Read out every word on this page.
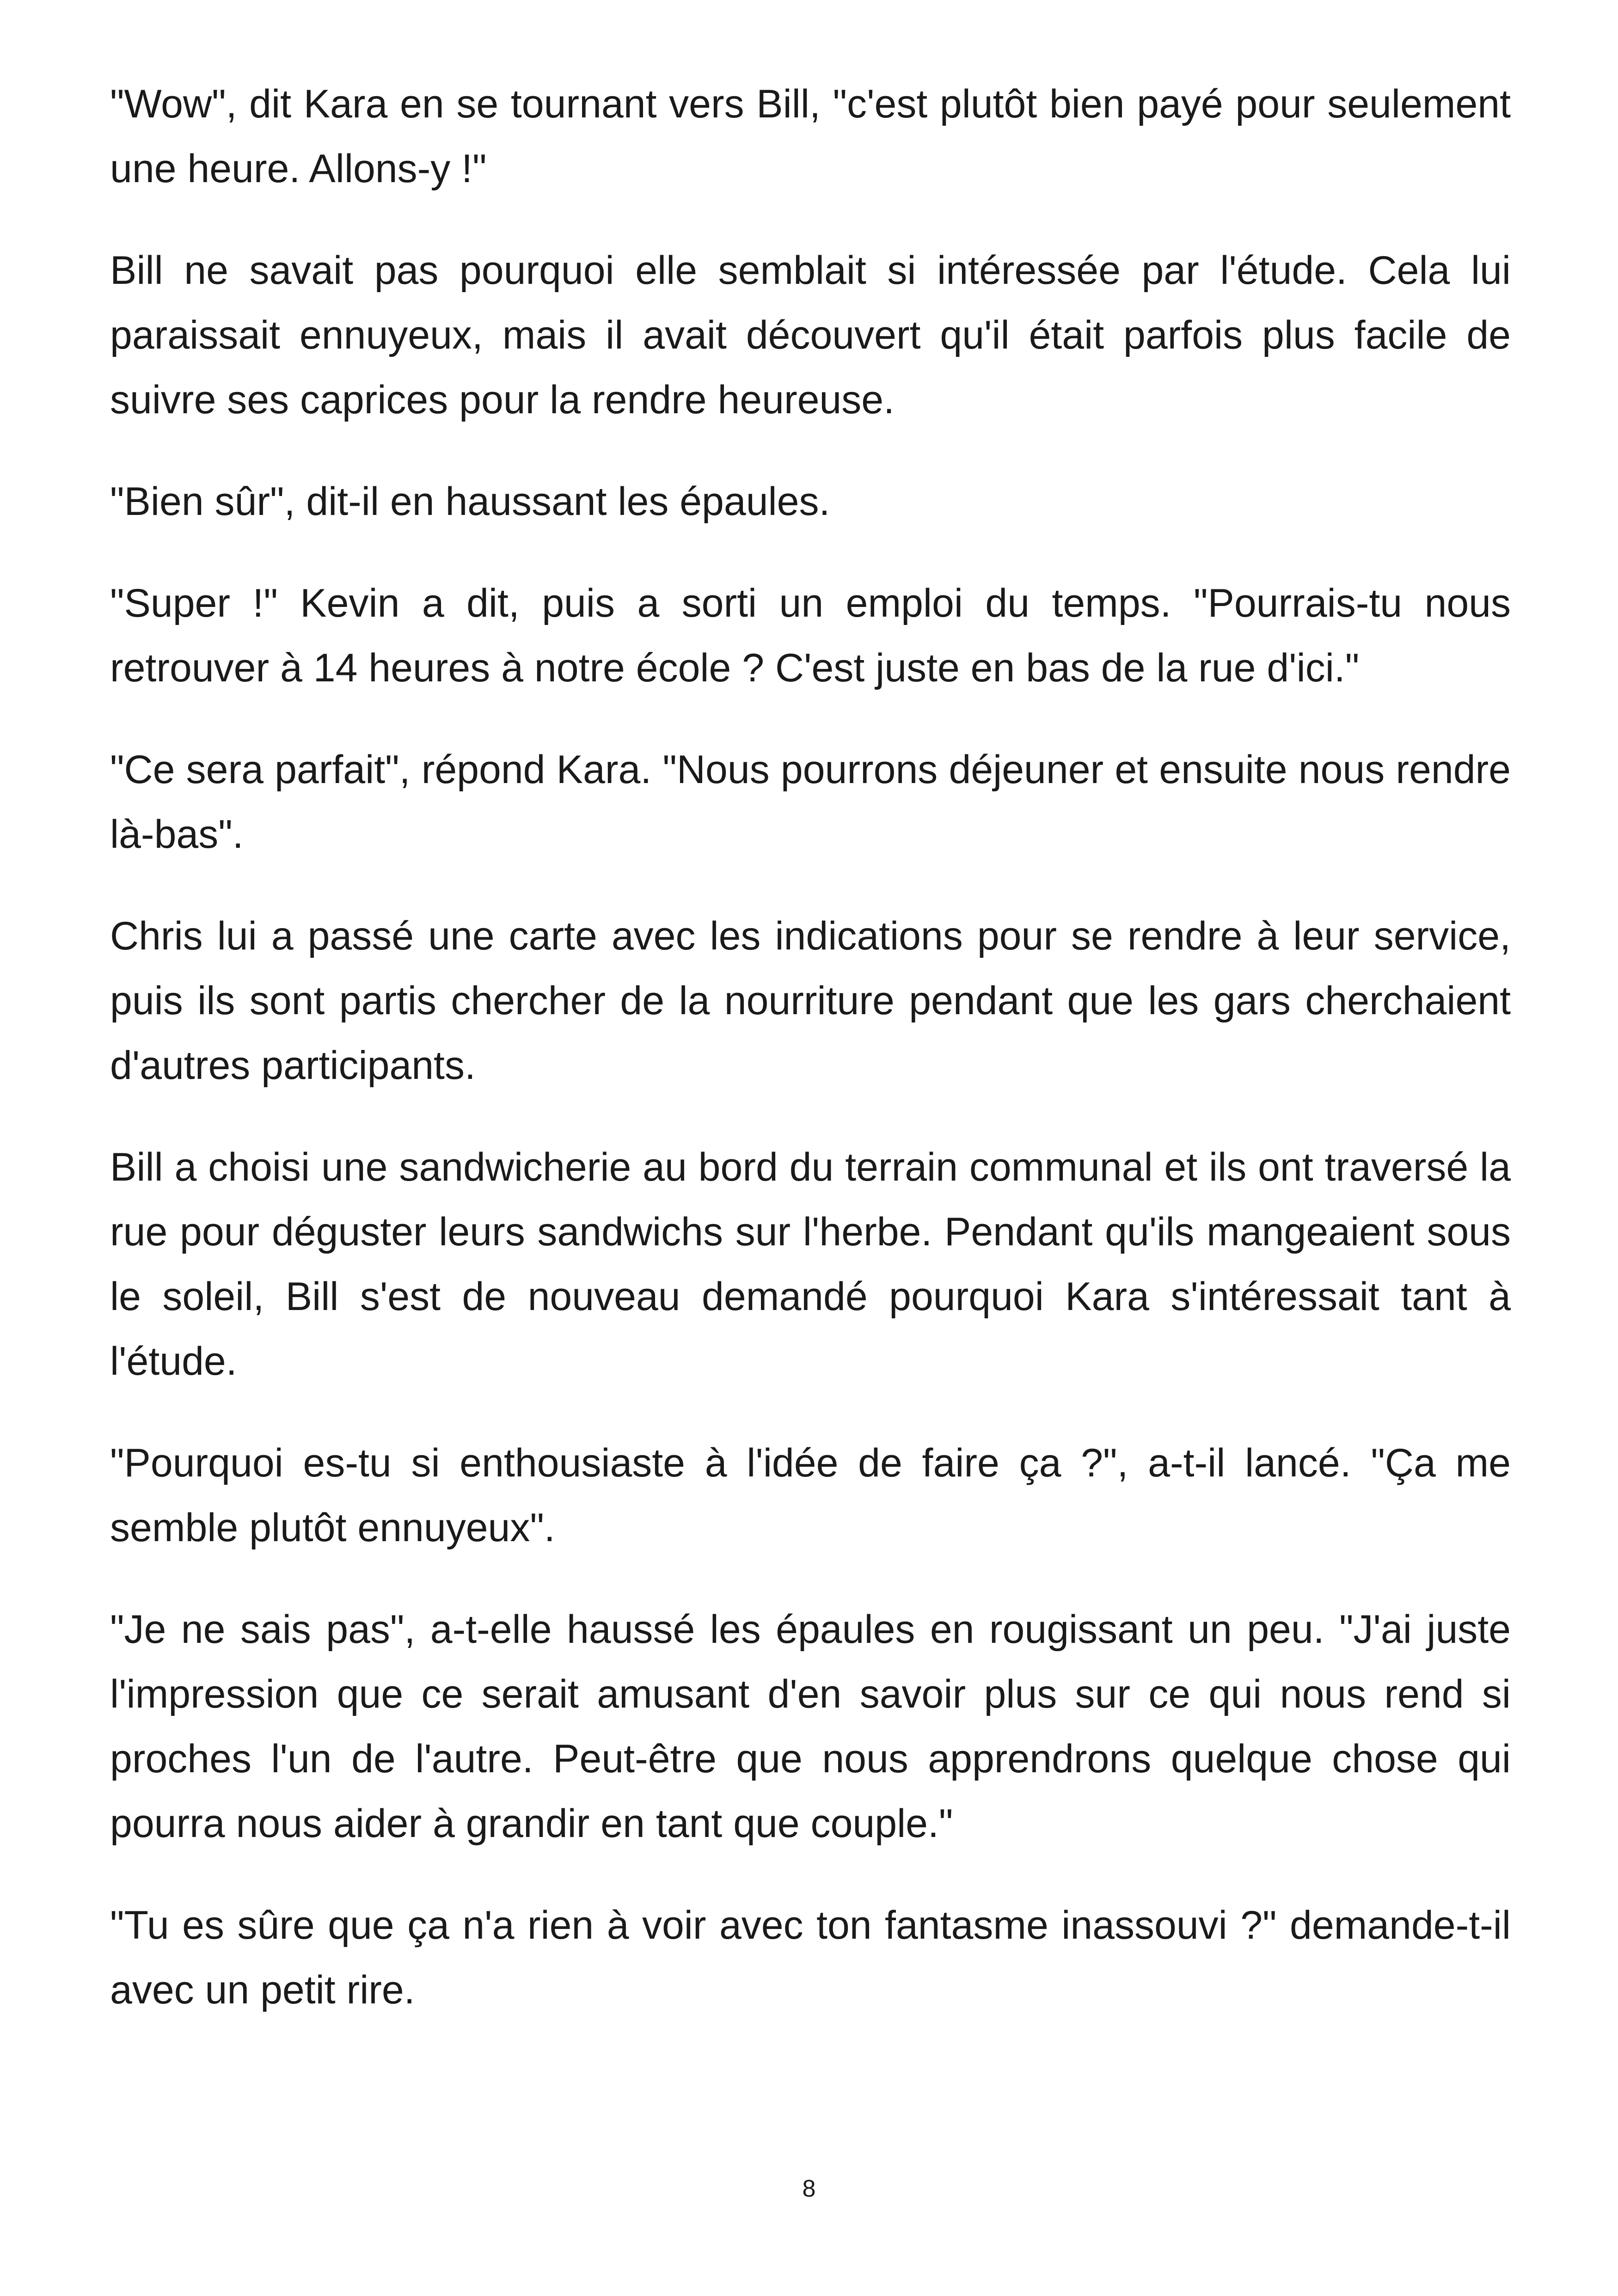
"Wow", dit Kara en se tournant vers Bill, "c'est plutôt bien payé pour seulement une heure. Allons-y !"

Bill ne savait pas pourquoi elle semblait si intéressée par l'étude. Cela lui paraissait ennuyeux, mais il avait découvert qu'il était parfois plus facile de suivre ses caprices pour la rendre heureuse.

"Bien sûr", dit-il en haussant les épaules.

"Super !" Kevin a dit, puis a sorti un emploi du temps. "Pourrais-tu nous retrouver à 14 heures à notre école ? C'est juste en bas de la rue d'ici."

"Ce sera parfait", répond Kara. "Nous pourrons déjeuner et ensuite nous rendre là-bas".

Chris lui a passé une carte avec les indications pour se rendre à leur service, puis ils sont partis chercher de la nourriture pendant que les gars cherchaient d'autres participants.

Bill a choisi une sandwicherie au bord du terrain communal et ils ont traversé la rue pour déguster leurs sandwichs sur l'herbe. Pendant qu'ils mangeaient sous le soleil, Bill s'est de nouveau demandé pourquoi Kara s'intéressait tant à l'étude.

"Pourquoi es-tu si enthousiaste à l'idée de faire ça ?", a-t-il lancé. "Ça me semble plutôt ennuyeux".

"Je ne sais pas", a-t-elle haussé les épaules en rougissant un peu. "J'ai juste l'impression que ce serait amusant d'en savoir plus sur ce qui nous rend si proches l'un de l'autre. Peut-être que nous apprendrons quelque chose qui pourra nous aider à grandir en tant que couple."

"Tu es sûre que ça n'a rien à voir avec ton fantasme inassouvi ?" demande-t-il avec un petit rire.

8
